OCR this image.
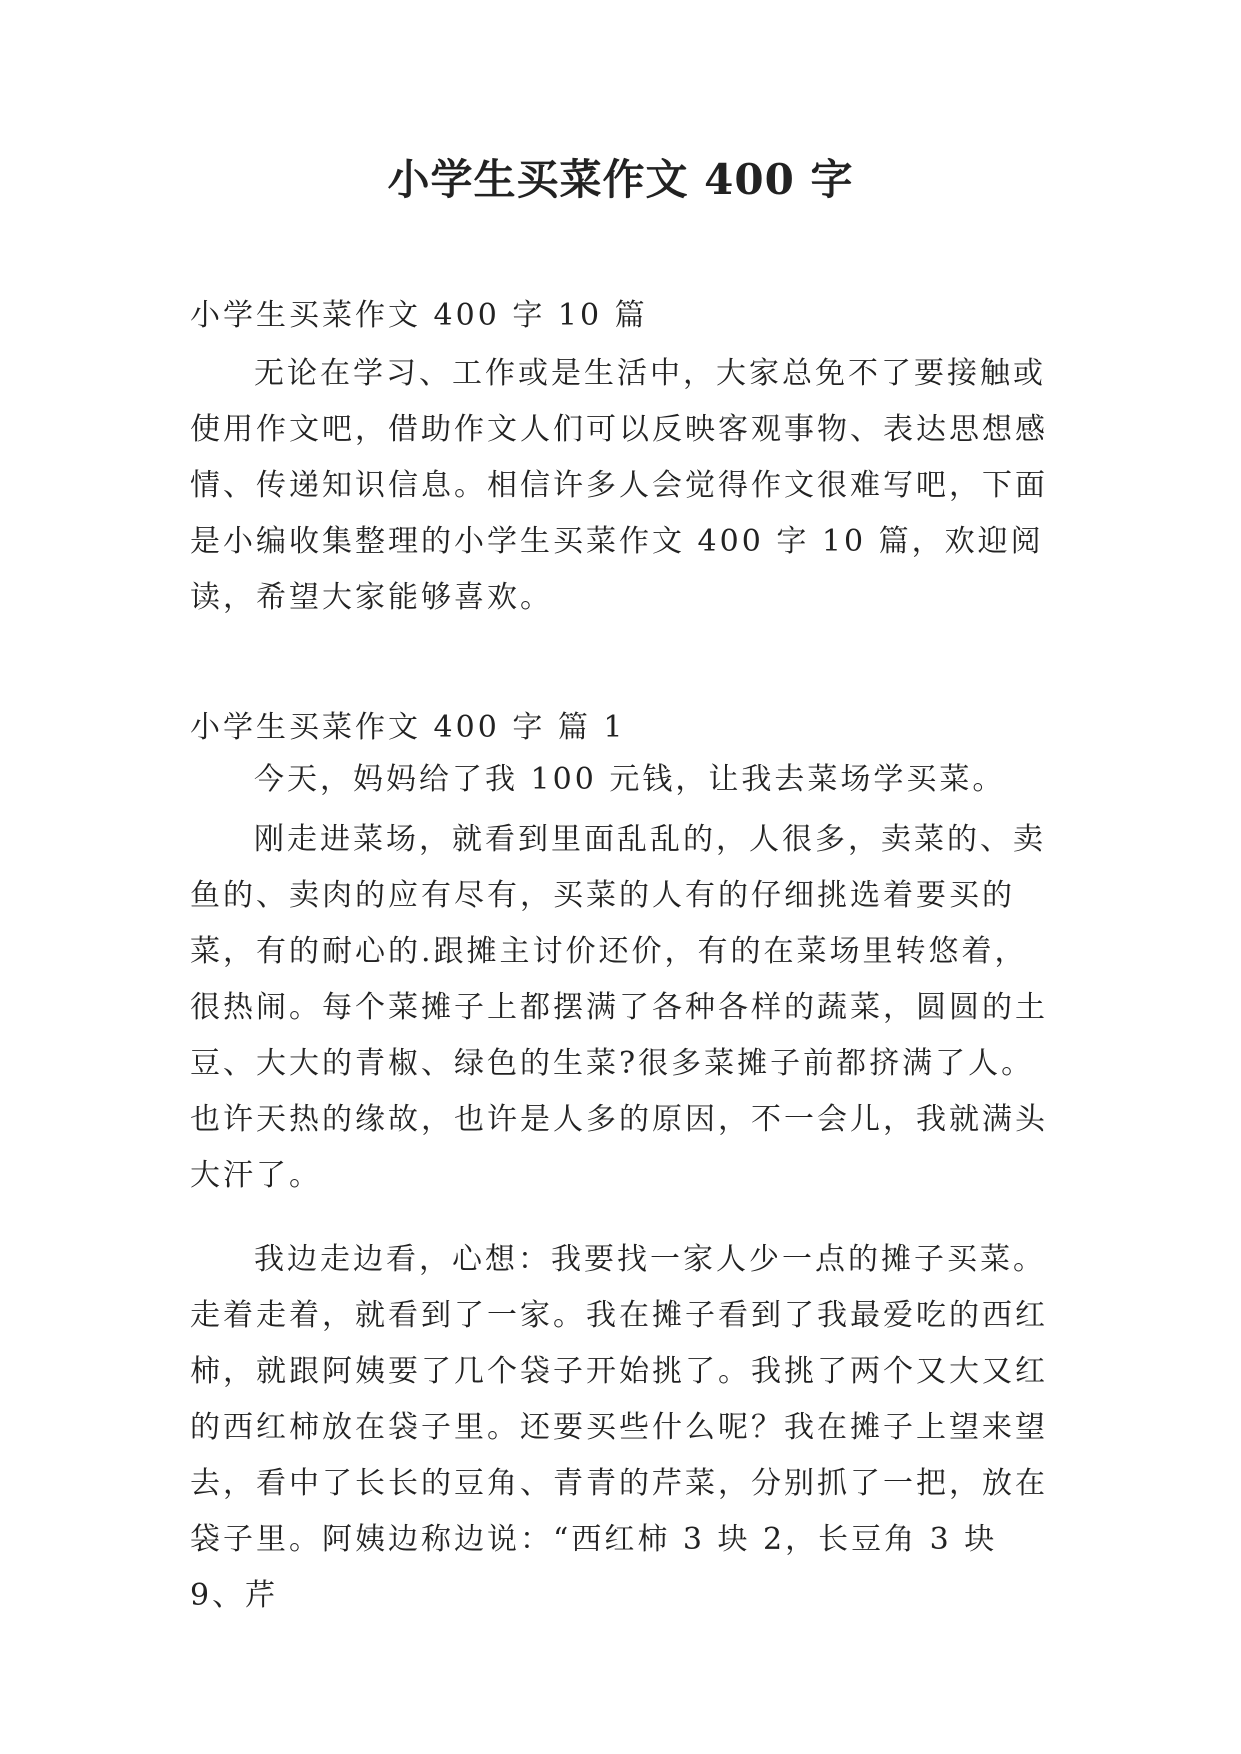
小学生买菜作文 400 字

小学生买菜作文 400 字 10 篇

无论在学习、工作或是生活中，大家总免不了要接触或使用作文吧，借助作文人们可以反映客观事物、表达思想感情、传递知识信息。相信许多人会觉得作文很难写吧，下面是小编收集整理的小学生买菜作文 400 字 10 篇，欢迎阅读，希望大家能够喜欢。

小学生买菜作文 400 字 篇 1

今天，妈妈给了我 100 元钱，让我去菜场学买菜。

刚走进菜场，就看到里面乱乱的，人很多，卖菜的、卖鱼的、卖肉的应有尽有，买菜的人有的仔细挑选着要买的菜，有的耐心的.跟摊主讨价还价，有的在菜场里转悠着，很热闹。每个菜摊子上都摆满了各种各样的蔬菜，圆圆的土豆、大大的青椒、绿色的生菜?很多菜摊子前都挤满了人。也许天热的缘故，也许是人多的原因，不一会儿，我就满头大汗了。

我边走边看，心想：我要找一家人少一点的摊子买菜。走着走着，就看到了一家。我在摊子看到了我最爱吃的西红柿，就跟阿姨要了几个袋子开始挑了。我挑了两个又大又红的西红柿放在袋子里。还要买些什么呢？我在摊子上望来望去，看中了长长的豆角、青青的芹菜，分别抓了一把，放在袋子里。阿姨边称边说：“西红柿 3 块 2，长豆角 3 块 9、芹
